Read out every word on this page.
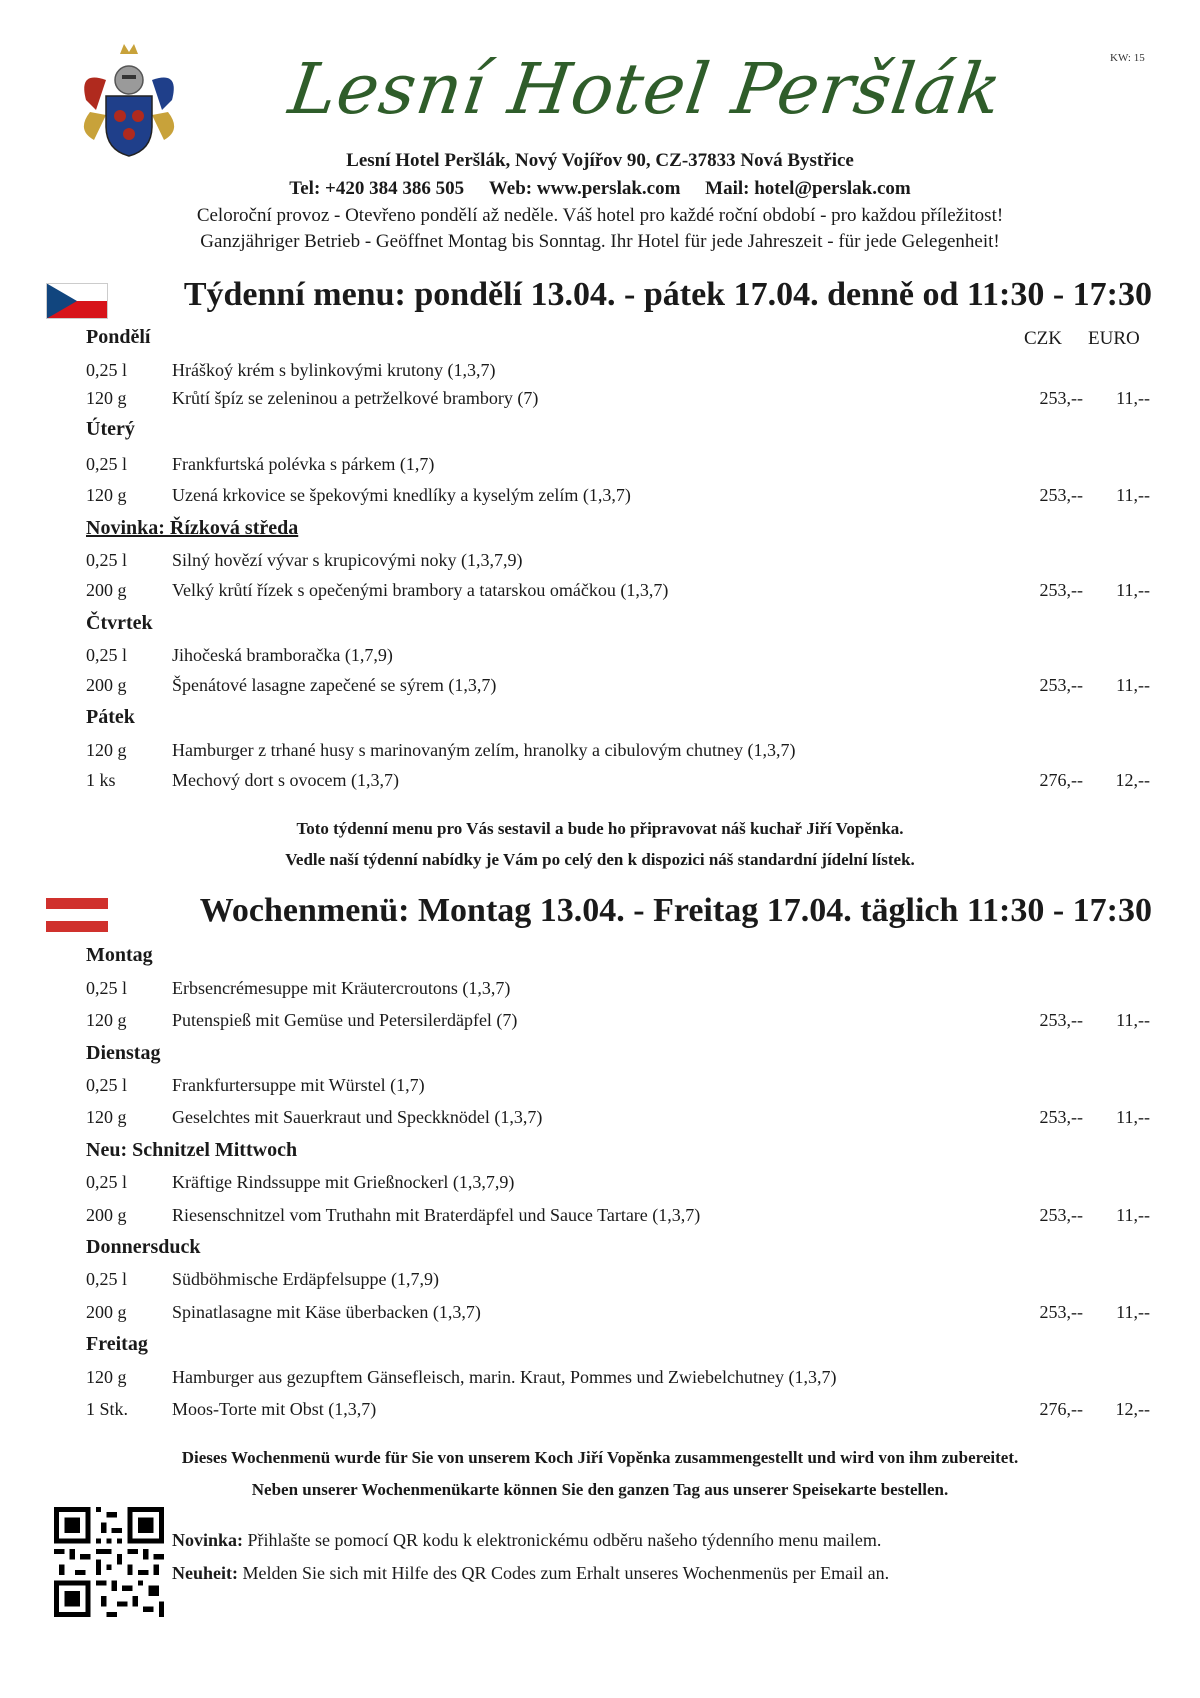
KW: 15
Lesní Hotel Peršlák
Lesní Hotel Peršlák, Nový Vojířov 90, CZ-37833 Nová Bystřice
Tel: +420 384 386 505 Web: www.perslak.com Mail: hotel@perslak.com
Celoroční provoz - Otevřeno pondělí až neděle. Váš hotel pro každé roční období - pro každou příležitost!
Ganzjähriger Betrieb - Geöffnet Montag bis Sonntag. Ihr Hotel für jede Jahreszeit - für jede Gelegenheit!
Týdenní menu: pondělí 13.04. - pátek 17.04. denně od 11:30 - 17:30
Pondělí	CZK EURO
0,25 l Hráškoý krém s bylinkovými krutony (1,3,7)
120 g	Krůtí špíz se zeleninou a petrželkové brambory (7)	253,--	11,--
Úterý
0,25 l Frankfurtská polévka s párkem (1,7)
120 g	Uzená krkovice se špekovými knedlíky a kyselým zelím (1,3,7)	253,--	11,--
Novinka: Řízková středa
0,25 l Silný hovězí vývar s krupicovými noky (1,3,7,9)
200 g	Velký krůtí řízek s opečenými brambory a tatarskou omáčkou (1,3,7)	253,--	11,--
Čtvrtek
0,25 l Jihočeská bramboračka (1,7,9)
200 g	Špenátové lasagne zapečené se sýrem (1,3,7)	253,--	11,--
Pátek
120 g	Hamburger z trhané husy s marinovaným zelím, hranolky a cibulovým chutney (1,3,7)
1 ks	Mechový dort s ovocem (1,3,7)	276,--	12,--
Toto týdenní menu pro Vás sestavil a bude ho připravovat náš kuchař Jiří Vopěnka.
Vedle naší týdenní nabídky je Vám po celý den k dispozici náš standardní jídelní lístek.
Wochenmenü: Montag 13.04. - Freitag 17.04. täglich 11:30 - 17:30
Montag
0,25 l Erbsencrémesuppe mit Kräutercroutons (1,3,7)
120 g	Putenspieß mit Gemüse und Petersilerdäpfel (7)	253,--	11,--
Dienstag
0,25 l Frankfurtersuppe mit Würstel (1,7)
120 g	Geselchtes mit Sauerkraut und Speckknödel (1,3,7)	253,--	11,--
Neu: Schnitzel Mittwoch
0,25 l Kräftige Rindssuppe mit Grießnockerl (1,3,7,9)
200 g	Riesenschnitzel vom Truthahn mit Braterdäpfel und Sauce Tartare (1,3,7)	253,--	11,--
Donnersduck
0,25 l Südböhmische Erdäpfelsuppe (1,7,9)
200 g	Spinatlasagne mit Käse überbacken (1,3,7)	253,--	11,--
Freitag
120 g	Hamburger aus gezupftem Gänsefleisch, marin. Kraut, Pommes und Zwiebelchutney (1,3,7)
1 Stk. Moos-Torte mit Obst (1,3,7)	276,--	12,--
Dieses Wochenmenü wurde für Sie von unserem Koch Jiří Vopěnka zusammengestellt und wird von ihm zubereitet.
Neben unserer Wochenmenükarte können Sie den ganzen Tag aus unserer Speisekarte bestellen.
Novinka: Přihlašte se pomocí QR kodu k elektronickému odběru našeho týdenního menu mailem.
Neuheit: Melden Sie sich mit Hilfe des QR Codes zum Erhalt unseres Wochenmenüs per Email an.
